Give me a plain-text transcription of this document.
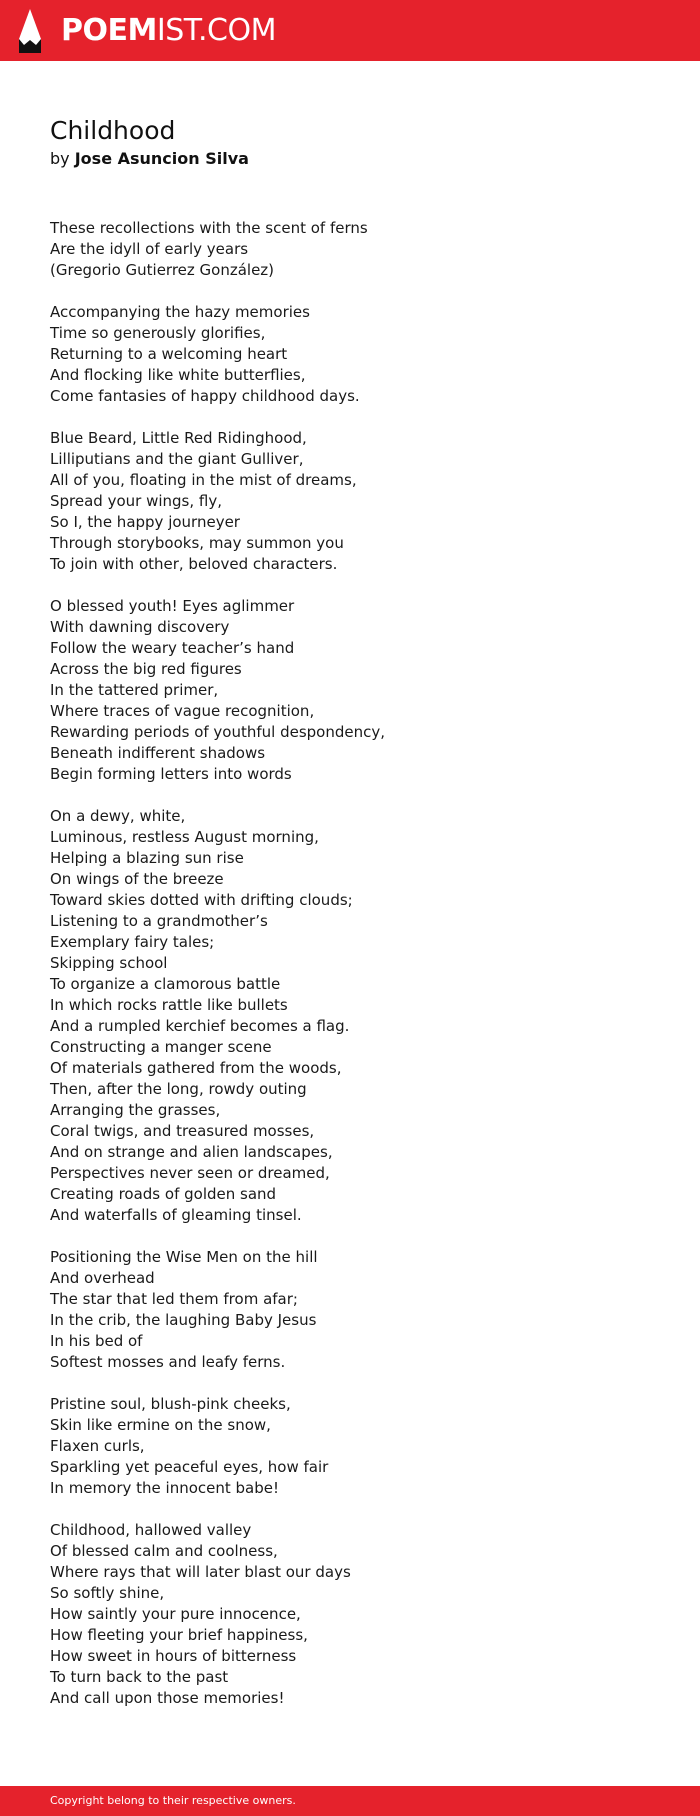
POEMIST.COM
Childhood
by Jose Asuncion Silva
These recollections with the scent of ferns
Are the idyll of early years
(Gregorio Gutierrez González)
Accompanying the hazy memories
Time so generously glorifies,
Returning to a welcoming heart
And flocking like white butterflies,
Come fantasies of happy childhood days.
Blue Beard, Little Red Ridinghood,
Lilliputians and the giant Gulliver,
All of you, floating in the mist of dreams,
Spread your wings, fly,
So I, the happy journeyer
Through storybooks, may summon you
To join with other, beloved characters.
O blessed youth! Eyes aglimmer
With dawning discovery
Follow the weary teacher’s hand
Across the big red figures
In the tattered primer,
Where traces of vague recognition,
Rewarding periods of youthful despondency,
Beneath indifferent shadows
Begin forming letters into words
On a dewy, white,
Luminous, restless August morning,
Helping a blazing sun rise
On wings of the breeze
Toward skies dotted with drifting clouds;
Listening to a grandmother’s
Exemplary fairy tales;
Skipping school
To organize a clamorous battle
In which rocks rattle like bullets
And a rumpled kerchief becomes a flag.
Constructing a manger scene
Of materials gathered from the woods,
Then, after the long, rowdy outing
Arranging the grasses,
Coral twigs, and treasured mosses,
And on strange and alien landscapes,
Perspectives never seen or dreamed,
Creating roads of golden sand
And waterfalls of gleaming tinsel.
Positioning the Wise Men on the hill
And overhead
The star that led them from afar;
In the crib, the laughing Baby Jesus
In his bed of
Softest mosses and leafy ferns.
Pristine soul, blush-pink cheeks,
Skin like ermine on the snow,
Flaxen curls,
Sparkling yet peaceful eyes, how fair
In memory the innocent babe!
Childhood, hallowed valley
Of blessed calm and coolness,
Where rays that will later blast our days
So softly shine,
How saintly your pure innocence,
How fleeting your brief happiness,
How sweet in hours of bitterness
To turn back to the past
And call upon those memories!
Copyright belong to their respective owners.
